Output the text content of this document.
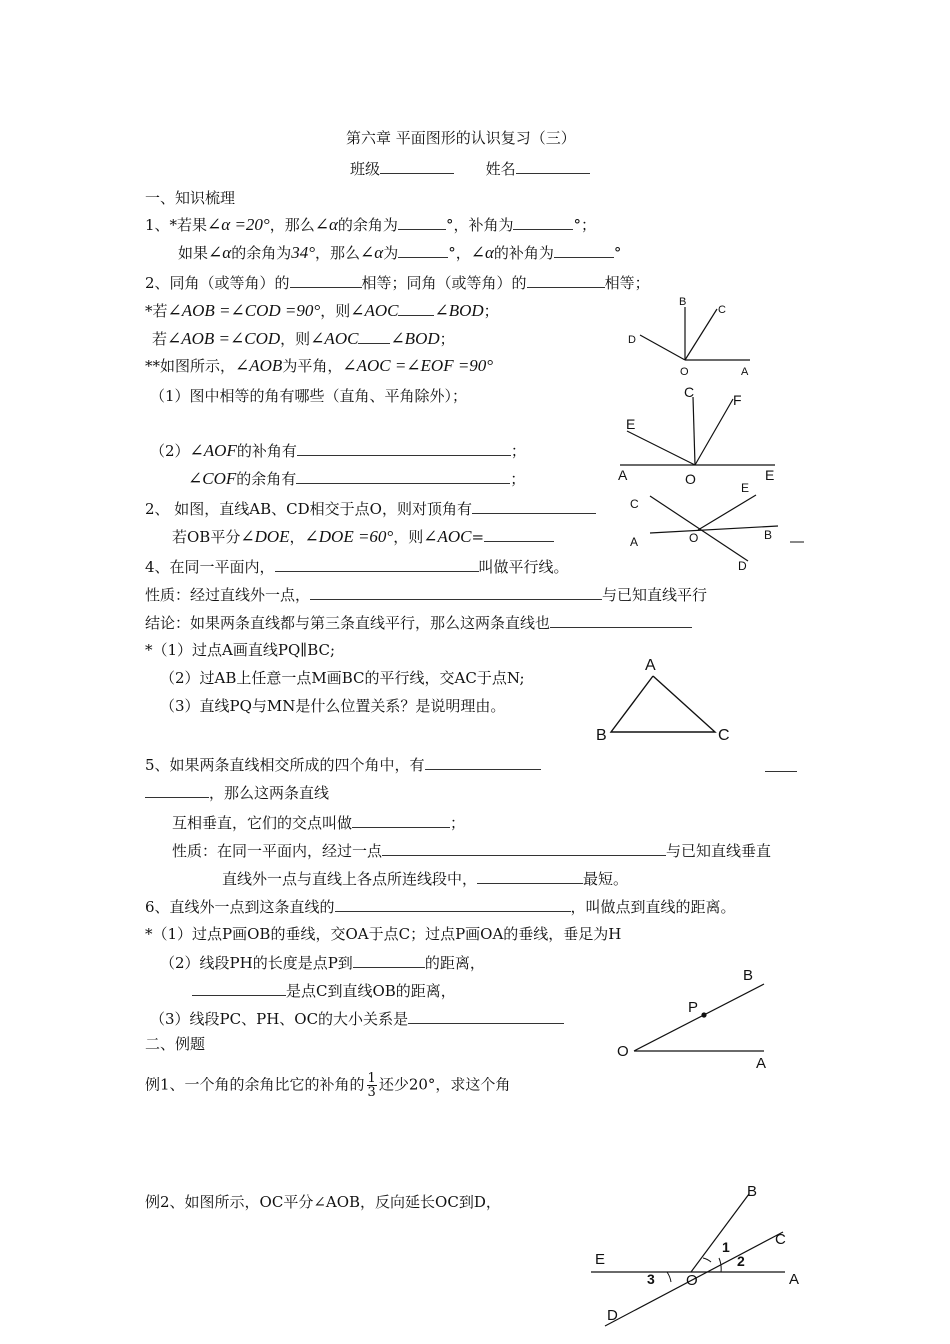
第六章 平面图形的认识复习（三）
班级	姓名
一、知识梳理
1、*若果∠α =20°，那么∠α的余角为	°，补角为	°；
如果∠α的余角为34°，那么∠α为	°，∠α的补角为	°
2、同角（或等角）的	相等；同角（或等角）的	相等；
*若∠AOB =∠COD =90°，则∠AOC ∠BOD；
若∠AOB =∠COD，则∠AOC ∠BOD；
**如图所示，∠AOB为平角，∠AOC =∠EOF =90°
（1）图中相等的角有哪些（直角、平角除外）；
（2）∠AOF的补角有	；
∠COF的余角有	；
2、 如图，直线AB、CD相交于点O，则对顶角有
若OB平分∠DOE，∠DOE =60°，则∠AOC=
4、在同一平面内，	叫做平行线。
性质：经过直线外一点，	与已知直线平行
结论：如果两条直线都与第三条直线平行，那么这两条直线也
*（1）过点A画直线PQ∥BC;
（2）过AB上任意一点M画BC的平行线，交AC于点N;
（3）直线PQ与MN是什么位置关系？是说明理由。
5、如果两条直线相交所成的四个角中，有
，那么这两条直线
互相垂直，它们的交点叫做	；
性质：在同一平面内，经过一点	与已知直线垂直
直线外一点与直线上各点所连线段中，	最短。
6、直线外一点到这条直线的	，叫做点到直线的距离。
*（1）过点P画OB的垂线，交OA于点C；过点P画OA的垂线，垂足为H
（2）线段PH的长度是点P到	的距离，
是点C到直线OB的距离，
（3）线段PC、PH、OC的大小关系是
二、例题
例1、一个角的余角比它的补角的 $\frac{1}{3}$ 还少20°，求这个角
例2、如图所示，OC平分∠AOB，反向延长OC到D，
B
C
D
O	A
C	F
E
A	O	E
C
E
A	O	B
D
A
B	C
B
P
O
A
B
C
E
A
O
D
1
2
3
